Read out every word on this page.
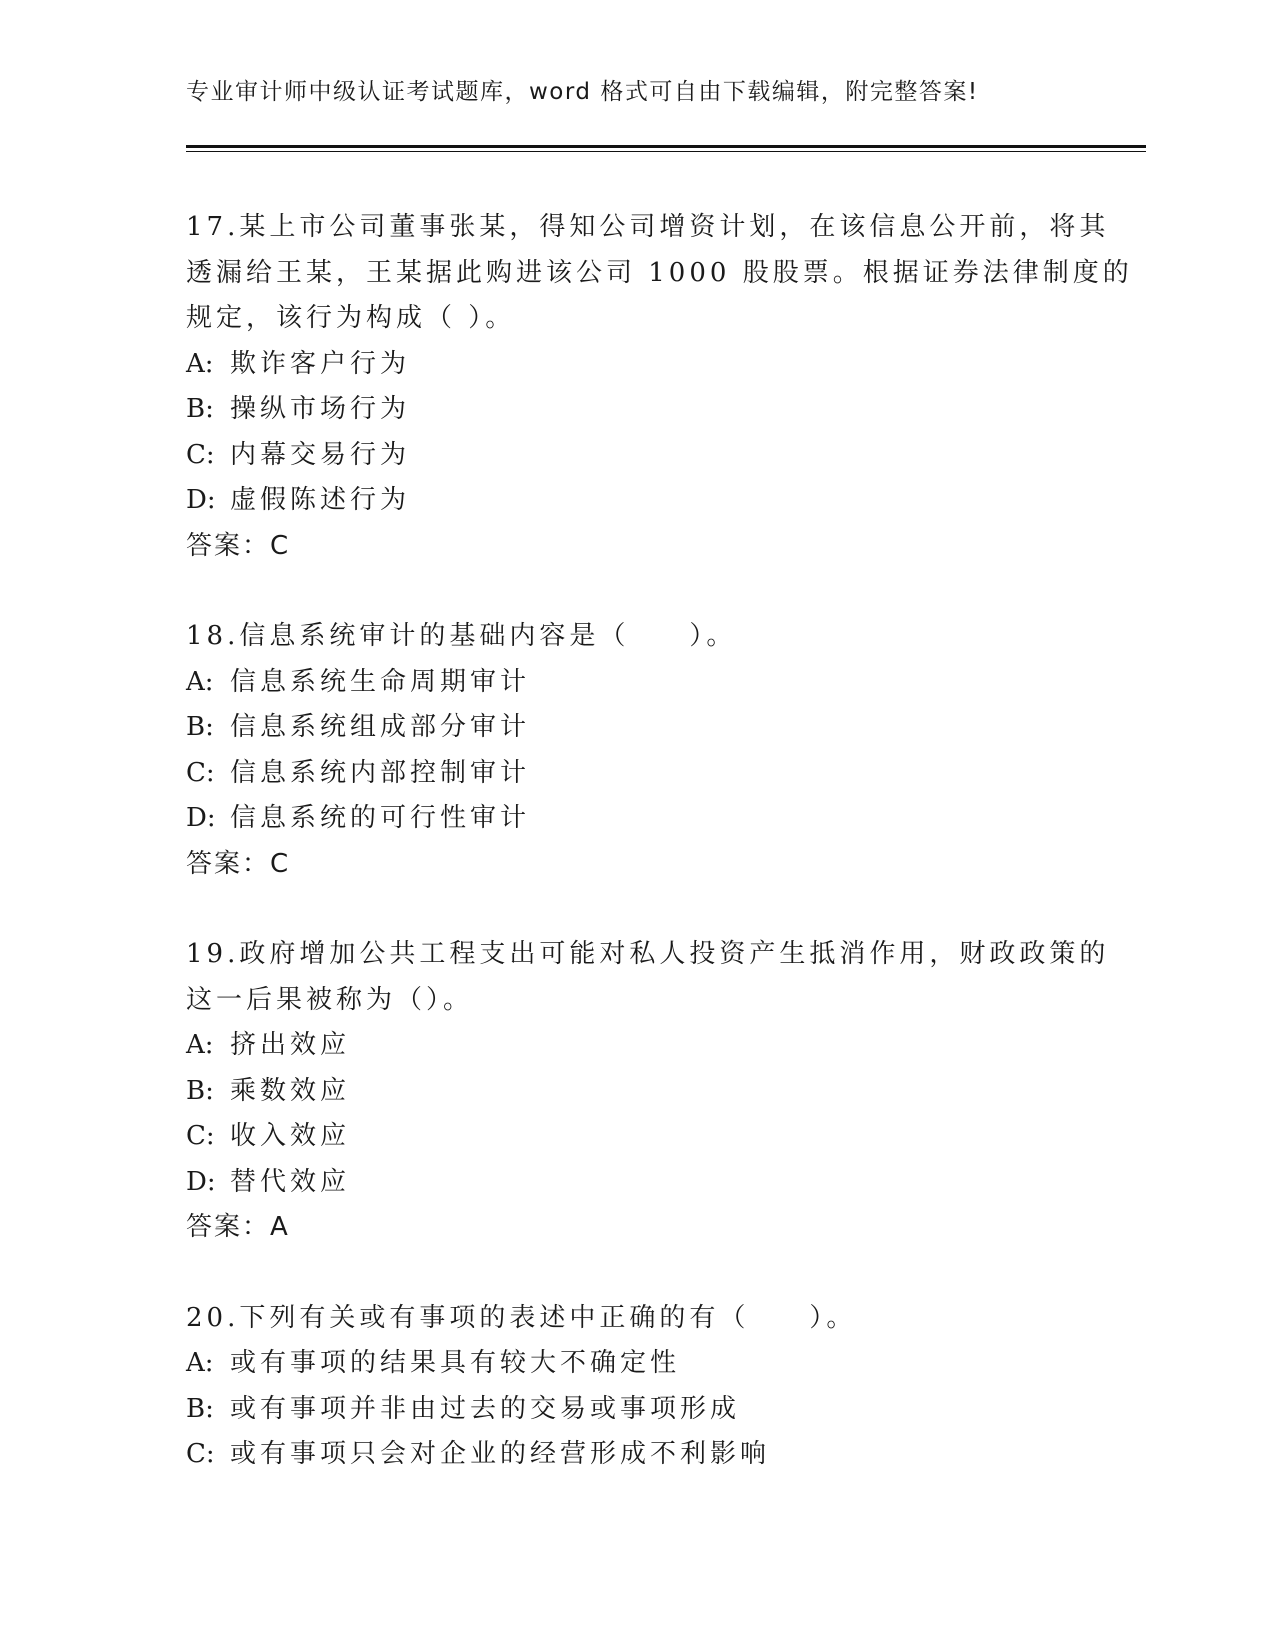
专业审计师中级认证考试题库，word 格式可自由下载编辑，附完整答案!
17.某上市公司董事张某，得知公司增资计划，在该信息公开前，将其
透漏给王某，王某据此购进该公司 1000 股股票。根据证券法律制度的
规定，该行为构成（ ）。
A: 欺诈客户行为
B: 操纵市场行为
C: 内幕交易行为
D: 虚假陈述行为
答案：C
18.信息系统审计的基础内容是（　　）。
A: 信息系统生命周期审计
B: 信息系统组成部分审计
C: 信息系统内部控制审计
D: 信息系统的可行性审计
答案：C
19.政府增加公共工程支出可能对私人投资产生抵消作用，财政政策的
这一后果被称为（）。
A: 挤出效应
B: 乘数效应
C: 收入效应
D: 替代效应
答案：A
20.下列有关或有事项的表述中正确的有（　　）。
A: 或有事项的结果具有较大不确定性
B: 或有事项并非由过去的交易或事项形成
C: 或有事项只会对企业的经营形成不利影响
